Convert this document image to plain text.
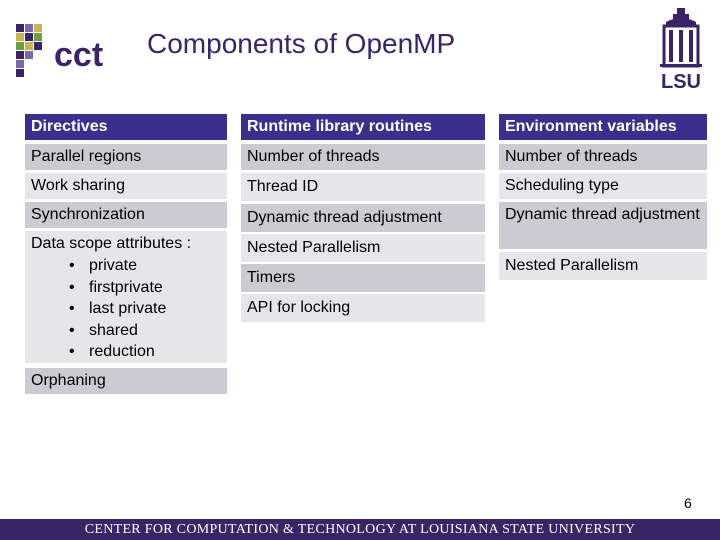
cct Components of OpenMP
LSU
Directives
Parallel regions
Work sharing
Synchronization
Data scope attributes :
• private
• firstprivate
• last private
• shared
• reduction
Orphaning
Runtime library routines
Number of threads
Thread ID
Dynamic thread adjustment
Nested Parallelism
Timers
API for locking
Environment variables
Number of threads
Scheduling type
Dynamic thread adjustment
Nested Parallelism
6
CENTER FOR COMPUTATION & TECHNOLOGY AT LOUISIANA STATE UNIVERSITY
